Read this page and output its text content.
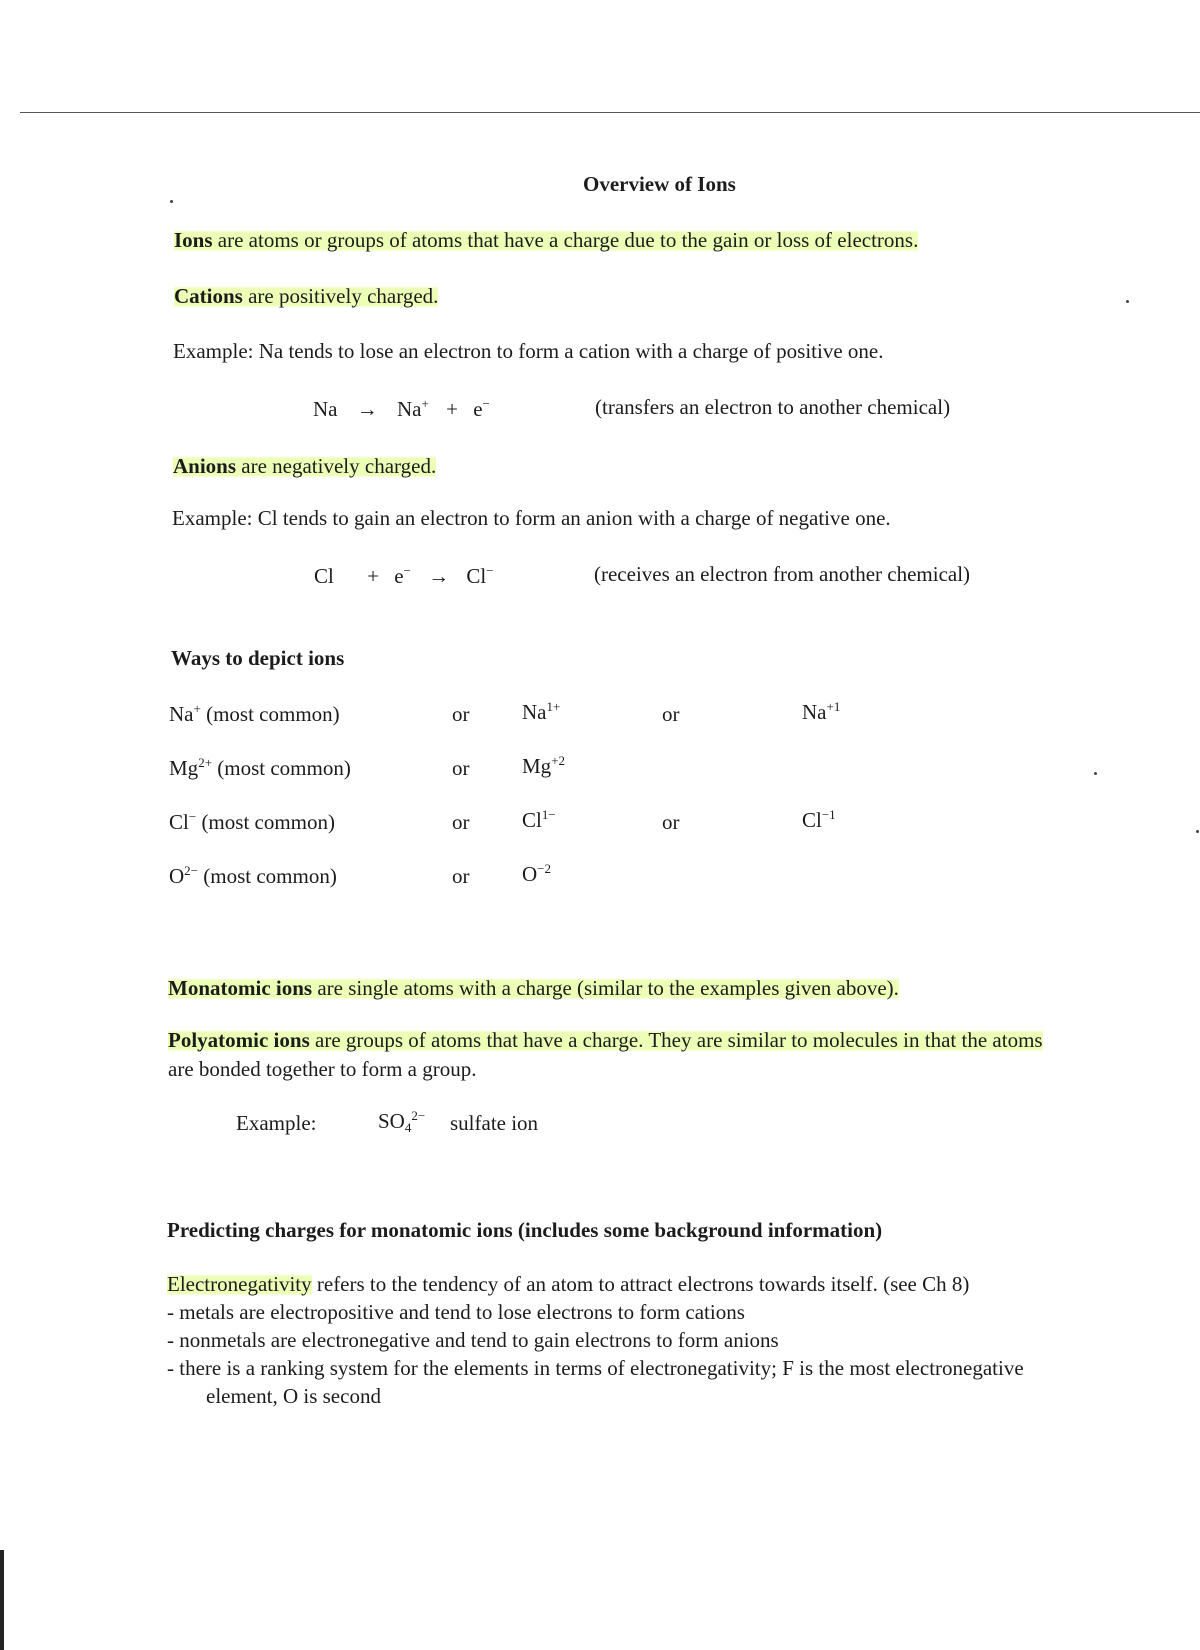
Overview of Ions
Ions are atoms or groups of atoms that have a charge due to the gain or loss of electrons.
Cations are positively charged.
Example: Na tends to lose an electron to form a cation with a charge of positive one.
Na → Na+ + e−	(transfers an electron to another chemical)
Anions are negatively charged.
Example: Cl tends to gain an electron to form an anion with a charge of negative one.
Cl + e− → Cl−	(receives an electron from another chemical)
Ways to depict ions
Na+ (most common)	or	$Na^{1+}$	or	$Na^{+1}$
$Mg^{2+}$ (most common)	or	$Mg^{+2}$
Cl− (most common)	or	$Cl^{1-}$	or	$Cl^{-1}$
$O^{2-}$ (most common)	or	$O^{-2}$
Monatomic ions are single atoms with a charge (similar to the examples given above).
Polyatomic ions are groups of atoms that have a charge. They are similar to molecules in that the atoms
are bonded together to form a group.
Example:	$SO_4^{2-}$ sulfate ion
Predicting charges for monatomic ions (includes some background information)
Electronegativity refers to the tendency of an atom to attract electrons towards itself. (see Ch 8)
- metals are electropositive and tend to lose electrons to form cations
- nonmetals are electronegative and tend to gain electrons to form anions
- there is a ranking system for the elements in terms of electronegativity; F is the most electronegative
element, O is second
